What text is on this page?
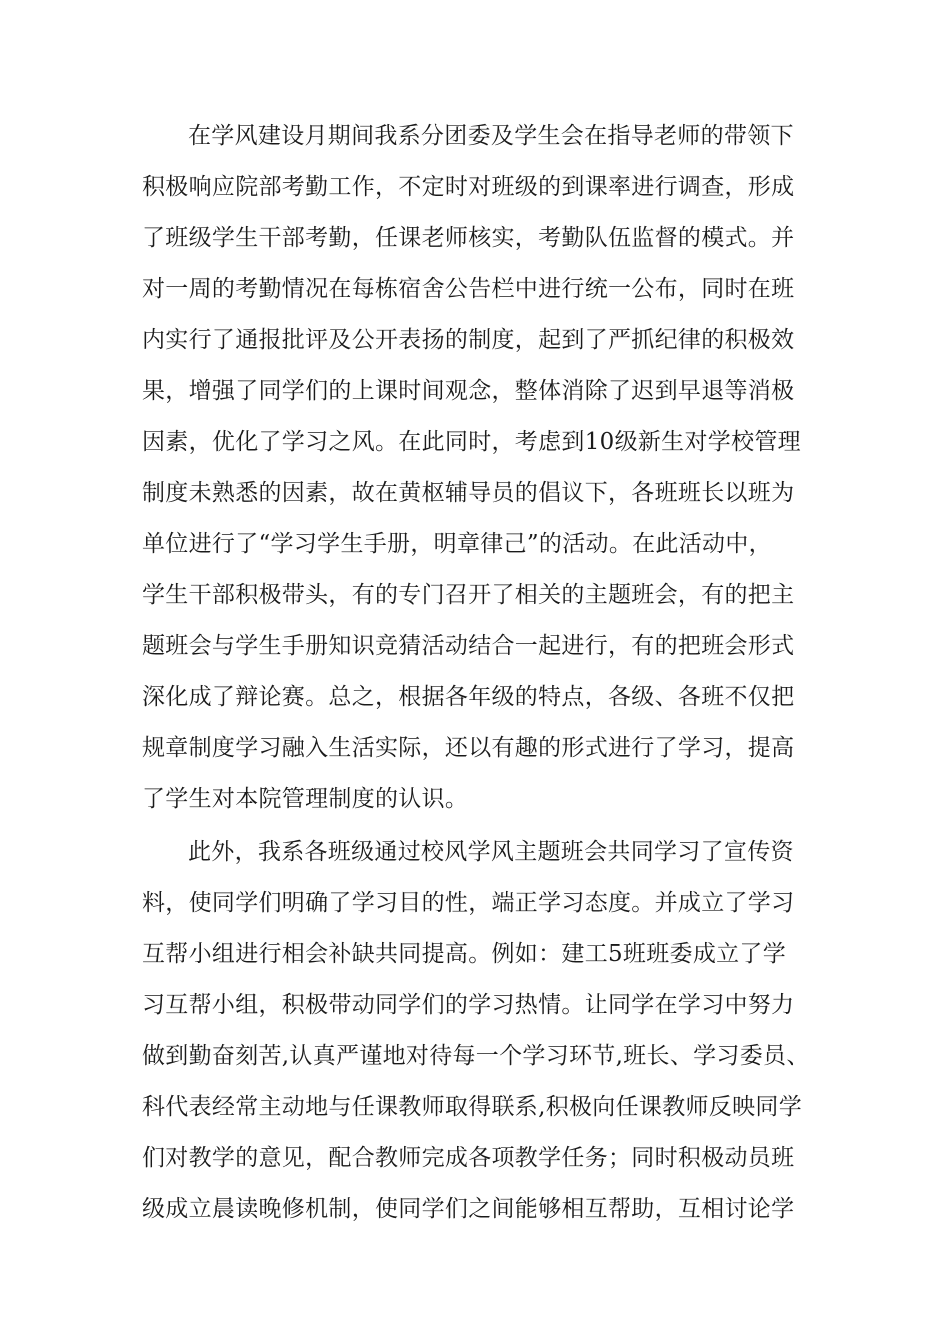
在学风建设月期间我系分团委及学生会在指导老师的带领下
积极响应院部考勤工作，不定时对班级的到课率进行调查，形成
了班级学生干部考勤，任课老师核实，考勤队伍监督的模式。并
对一周的考勤情况在每栋宿舍公告栏中进行统一公布，同时在班
内实行了通报批评及公开表扬的制度，起到了严抓纪律的积极效
果，增强了同学们的上课时间观念，整体消除了迟到早退等消极
因素，优化了学习之风。在此同时，考虑到10级新生对学校管理
制度未熟悉的因素，故在黄枢辅导员的倡议下，各班班长以班为
单位进行了“学习学生手册，明章律己”的活动。在此活动中，
学生干部积极带头，有的专门召开了相关的主题班会，有的把主
题班会与学生手册知识竞猜活动结合一起进行，有的把班会形式
深化成了辩论赛。总之，根据各年级的特点，各级、各班不仅把
规章制度学习融入生活实际，还以有趣的形式进行了学习，提高
了学生对本院管理制度的认识。
此外，我系各班级通过校风学风主题班会共同学习了宣传资
料，使同学们明确了学习目的性，端正学习态度。并成立了学习
互帮小组进行相会补缺共同提高。例如：建工5班班委成立了学
习互帮小组，积极带动同学们的学习热情。让同学在学习中努力
做到勤奋刻苦,认真严谨地对待每一个学习环节,班长、学习委员、
科代表经常主动地与任课教师取得联系,积极向任课教师反映同学
们对教学的意见，配合教师完成各项教学任务；同时积极动员班
级成立晨读晚修机制，使同学们之间能够相互帮助，互相讨论学
